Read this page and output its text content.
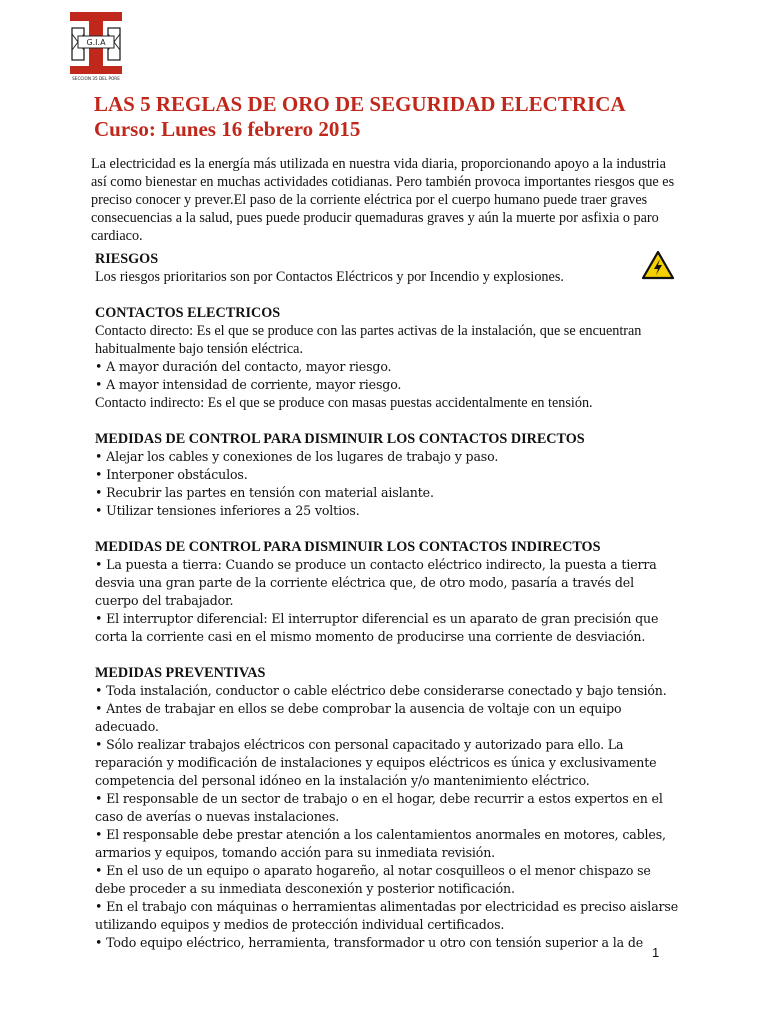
G.I.A
SECCION 35 DEL PORE
LAS 5 REGLAS DE ORO DE SEGURIDAD ELECTRICA
Curso: Lunes 16 febrero 2015
La electricidad es la energía más utilizada en nuestra vida diaria, proporcionando apoyo a la industria así como bienestar en muchas actividades cotidianas. Pero también provoca importantes riesgos que es preciso conocer y prever.El paso de la corriente eléctrica por el cuerpo humano puede traer graves consecuencias a la salud, pues puede producir quemaduras graves y aún la muerte por asfixia o paro cardiaco.

RIESGOS

Los riesgos prioritarios son por Contactos Eléctricos y por Incendio y explosiones.

CONTACTOS ELECTRICOS

Contacto directo: Es el que se produce con las partes activas de la instalación, que se encuentran habitualmente bajo tensión eléctrica.

• A mayor duración del contacto, mayor riesgo.

• A mayor intensidad de corriente, mayor riesgo.

Contacto indirecto: Es el que se produce con masas puestas accidentalmente en tensión.

MEDIDAS DE CONTROL PARA DISMINUIR LOS CONTACTOS DIRECTOS

• Alejar los cables y conexiones de los lugares de trabajo y paso.

• Interponer obstáculos.

• Recubrir las partes en tensión con material aislante.

• Utilizar tensiones inferiores a 25 voltios.

MEDIDAS DE CONTROL PARA DISMINUIR LOS CONTACTOS INDIRECTOS

• La puesta a tierra: Cuando se produce un contacto eléctrico indirecto, la puesta a tierra desvia una gran parte de la corriente eléctrica que, de otro modo, pasaría a través del cuerpo del trabajador.

• El interruptor diferencial: El interruptor diferencial es un aparato de gran precisión que corta la corriente casi en el mismo momento de producirse una corriente de desviación.

MEDIDAS PREVENTIVAS

• Toda instalación, conductor o cable eléctrico debe considerarse conectado y bajo tensión.

• Antes de trabajar en ellos se debe comprobar la ausencia de voltaje con un equipo adecuado.

• Sólo realizar trabajos eléctricos con personal capacitado y autorizado para ello. La reparación y modificación de instalaciones y equipos eléctricos es única y exclusivamente competencia del personal idóneo en la instalación y/o mantenimiento eléctrico.

• El responsable de un sector de trabajo o en el hogar, debe recurrir a estos expertos en el caso de averías o nuevas instalaciones.

• El responsable debe prestar atención a los calentamientos anormales en motores, cables, armarios y equipos, tomando acción para su inmediata revisión.

• En el uso de un equipo o aparato hogareño, al notar cosquilleos o el menor chispazo se debe proceder a su inmediata desconexión y posterior notificación.

• En el trabajo con máquinas o herramientas alimentadas por electricidad es preciso aislarse utilizando equipos y medios de protección individual certificados.

• Todo equipo eléctrico, herramienta, transformador u otro con tensión superior a la de

1
